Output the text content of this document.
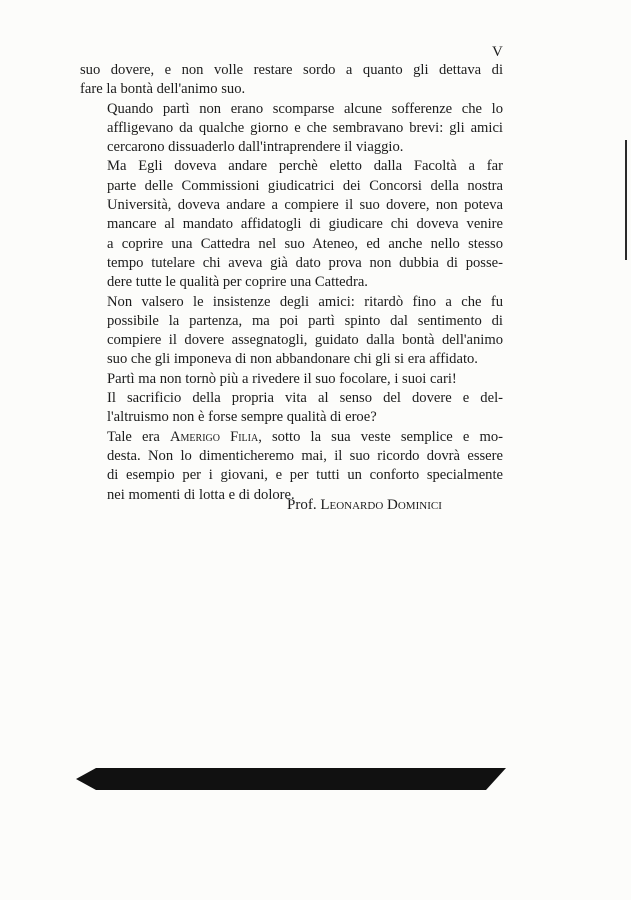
V

suo dovere, e non volle restare sordo a quanto gli dettava di
fare la bontà dell'animo suo.

Quando partì non erano scomparse alcune sofferenze che lo
affligevano da qualche giorno e che sembravano brevi: gli amici
cercarono dissuaderlo dall'intraprendere il viaggio.

Ma Egli doveva andare perchè eletto dalla Facoltà a far
parte delle Commissioni giudicatrici dei Concorsi della nostra
Università, doveva andare a compiere il suo dovere, non poteva
mancare al mandato affidatogli di giudicare chi doveva venire
a coprire una Cattedra nel suo Ateneo, ed anche nello stesso
tempo tutelare chi aveva già dato prova non dubbia di posse-
dere tutte le qualità per coprire una Cattedra.

Non valsero le insistenze degli amici: ritardò fino a che fu
possibile la partenza, ma poi partì spinto dal sentimento di
compiere il dovere assegnatogli, guidato dalla bontà dell'animo
suo che gli imponeva di non abbandonare chi gli si era affidato.

Partì ma non tornò più a rivedere il suo focolare, i suoi cari!

Il sacrificio della propria vita al senso del dovere e del-
l'altruismo non è forse sempre qualità di eroe?

Tale era Amerigo Filia, sotto la sua veste semplice e mo-
desta. Non lo dimenticheremo mai, il suo ricordo dovrà essere
di esempio per i giovani, e per tutti un conforto specialmente
nei momenti di lotta e di dolore.

Prof. Leonardo Dominici
